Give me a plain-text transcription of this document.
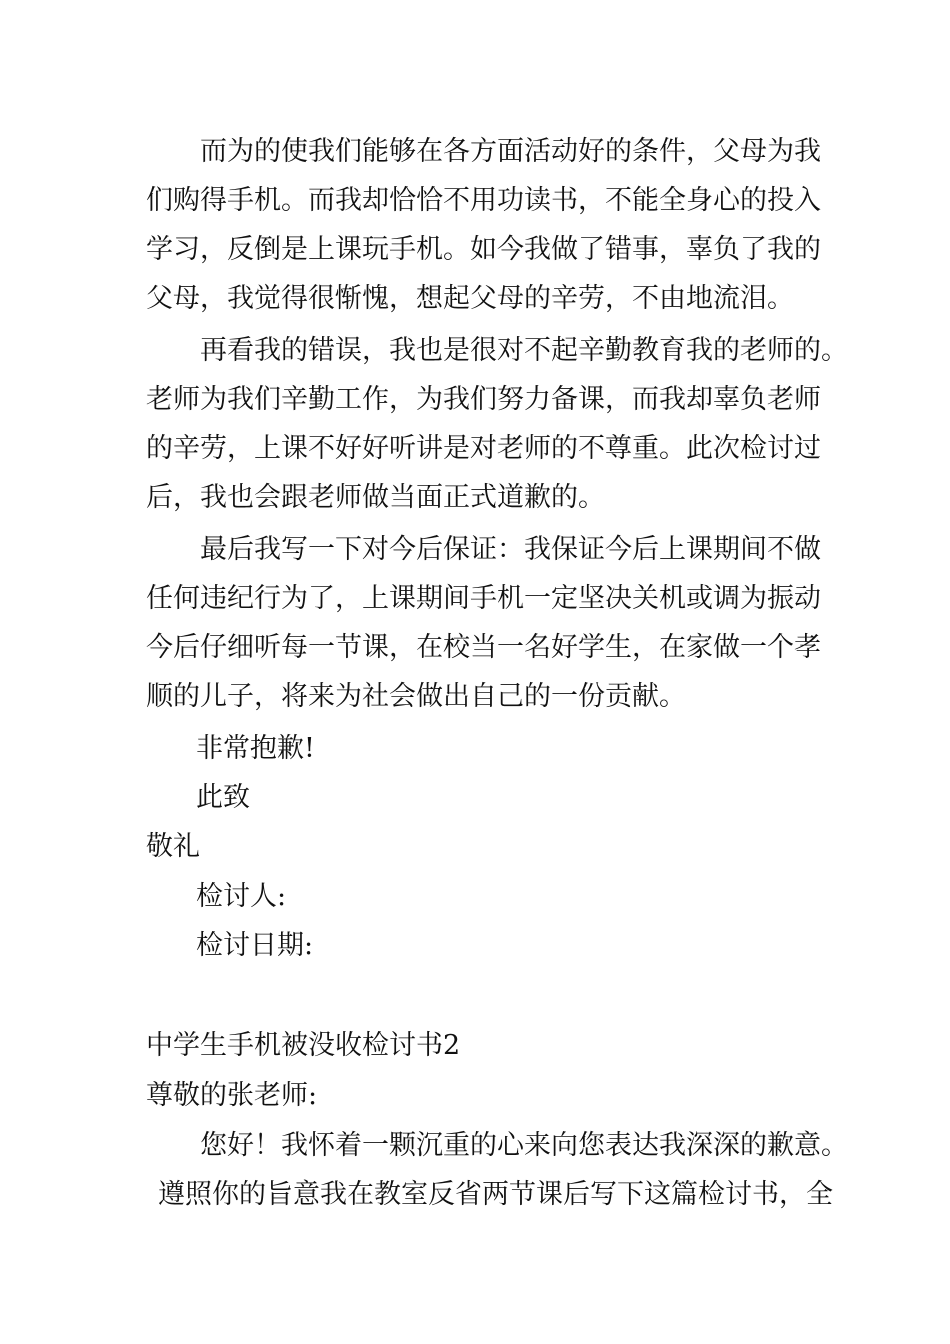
而为的使我们能够在各方面活动好的条件，父母为我
们购得手机。而我却恰恰不用功读书，不能全身心的投入
学习，反倒是上课玩手机。如今我做了错事，辜负了我的
父母，我觉得很惭愧，想起父母的辛劳，不由地流泪。
再看我的错误，我也是很对不起辛勤教育我的老师的。
老师为我们辛勤工作，为我们努力备课，而我却辜负老师
的辛劳，上课不好好听讲是对老师的不尊重。此次检讨过
后，我也会跟老师做当面正式道歉的。
最后我写一下对今后保证：我保证今后上课期间不做
任何违纪行为了，上课期间手机一定坚决关机或调为振动
今后仔细听每一节课，在校当一名好学生，在家做一个孝
顺的儿子，将来为社会做出自己的一份贡献。
非常抱歉!
此致
敬礼
检讨人:
检讨日期:
中学生手机被没收检讨书2
尊敬的张老师:
您好！我怀着一颗沉重的心来向您表达我深深的歉意。
遵照你的旨意我在教室反省两节课后写下这篇检讨书，全
